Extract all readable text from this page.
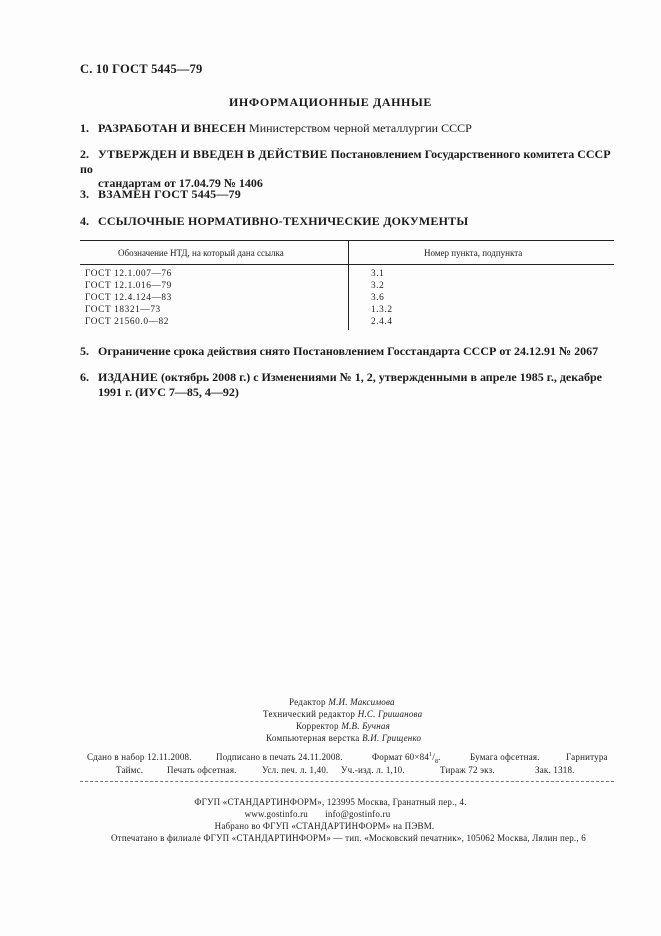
С. 10 ГОСТ 5445—79
ИНФОРМАЦИОННЫЕ ДАННЫЕ
1. РАЗРАБОТАН И ВНЕСЕН Министерством черной металлургии СССР
2. УТВЕРЖДЕН И ВВЕДЕН В ДЕЙСТВИЕ Постановлением Государственного комитета СССР по
стандартам от 17.04.79 № 1406
3. ВЗАМЕН ГОСТ 5445—79
4. ССЫЛОЧНЫЕ НОРМАТИВНО-ТЕХНИЧЕСКИЕ ДОКУМЕНТЫ
Обозначение НТД, на который дана ссылка	Номер пункта, подпункта
ГОСТ 12.1.007—76	3.1
ГОСТ 12.1.016—79	3.2
ГОСТ 12.4.124—83	3.6
ГОСТ 18321—73	1.3.2
ГОСТ 21560.0—82	2.4.4
5. Ограничение срока действия снято Постановлением Госстандарта СССР от 24.12.91 № 2067
6. ИЗДАНИЕ (октябрь 2008 г.) с Изменениями № 1, 2, утвержденными в апреле 1985 г., декабре
1991 г. (ИУС 7—85, 4—92)
Редактор М.И. Максимова
Технический редактор Н.С. Гришанова
Корректор М.В. Бучная
Компьютерная верстка В.И. Грищенко
Сдано в набор 12.11.2008.	Подписано в печать 24.11.2008.	Формат $60\times 84^1/_8$.	Бумага офсетная.	Гарнитура
Таймс.	Печать офсетная.	Усл. печ. л. 1,40. Уч.-изд. л. 1,10.	Тираж 72 экз.	Зак. 1318.
ФГУП «СТАНДАРТИНФОРМ», 123995 Москва, Гранатный пер., 4.
www.gostinfo.ru info@gostinfo.ru
Набрано во ФГУП «СТАНДАРТИНФОРМ» на ПЭВМ.
Отпечатано в филиале ФГУП «СТАНДАРТИНФОРМ» — тип. «Московский печатник», 105062 Москва, Лялин пер., 6
